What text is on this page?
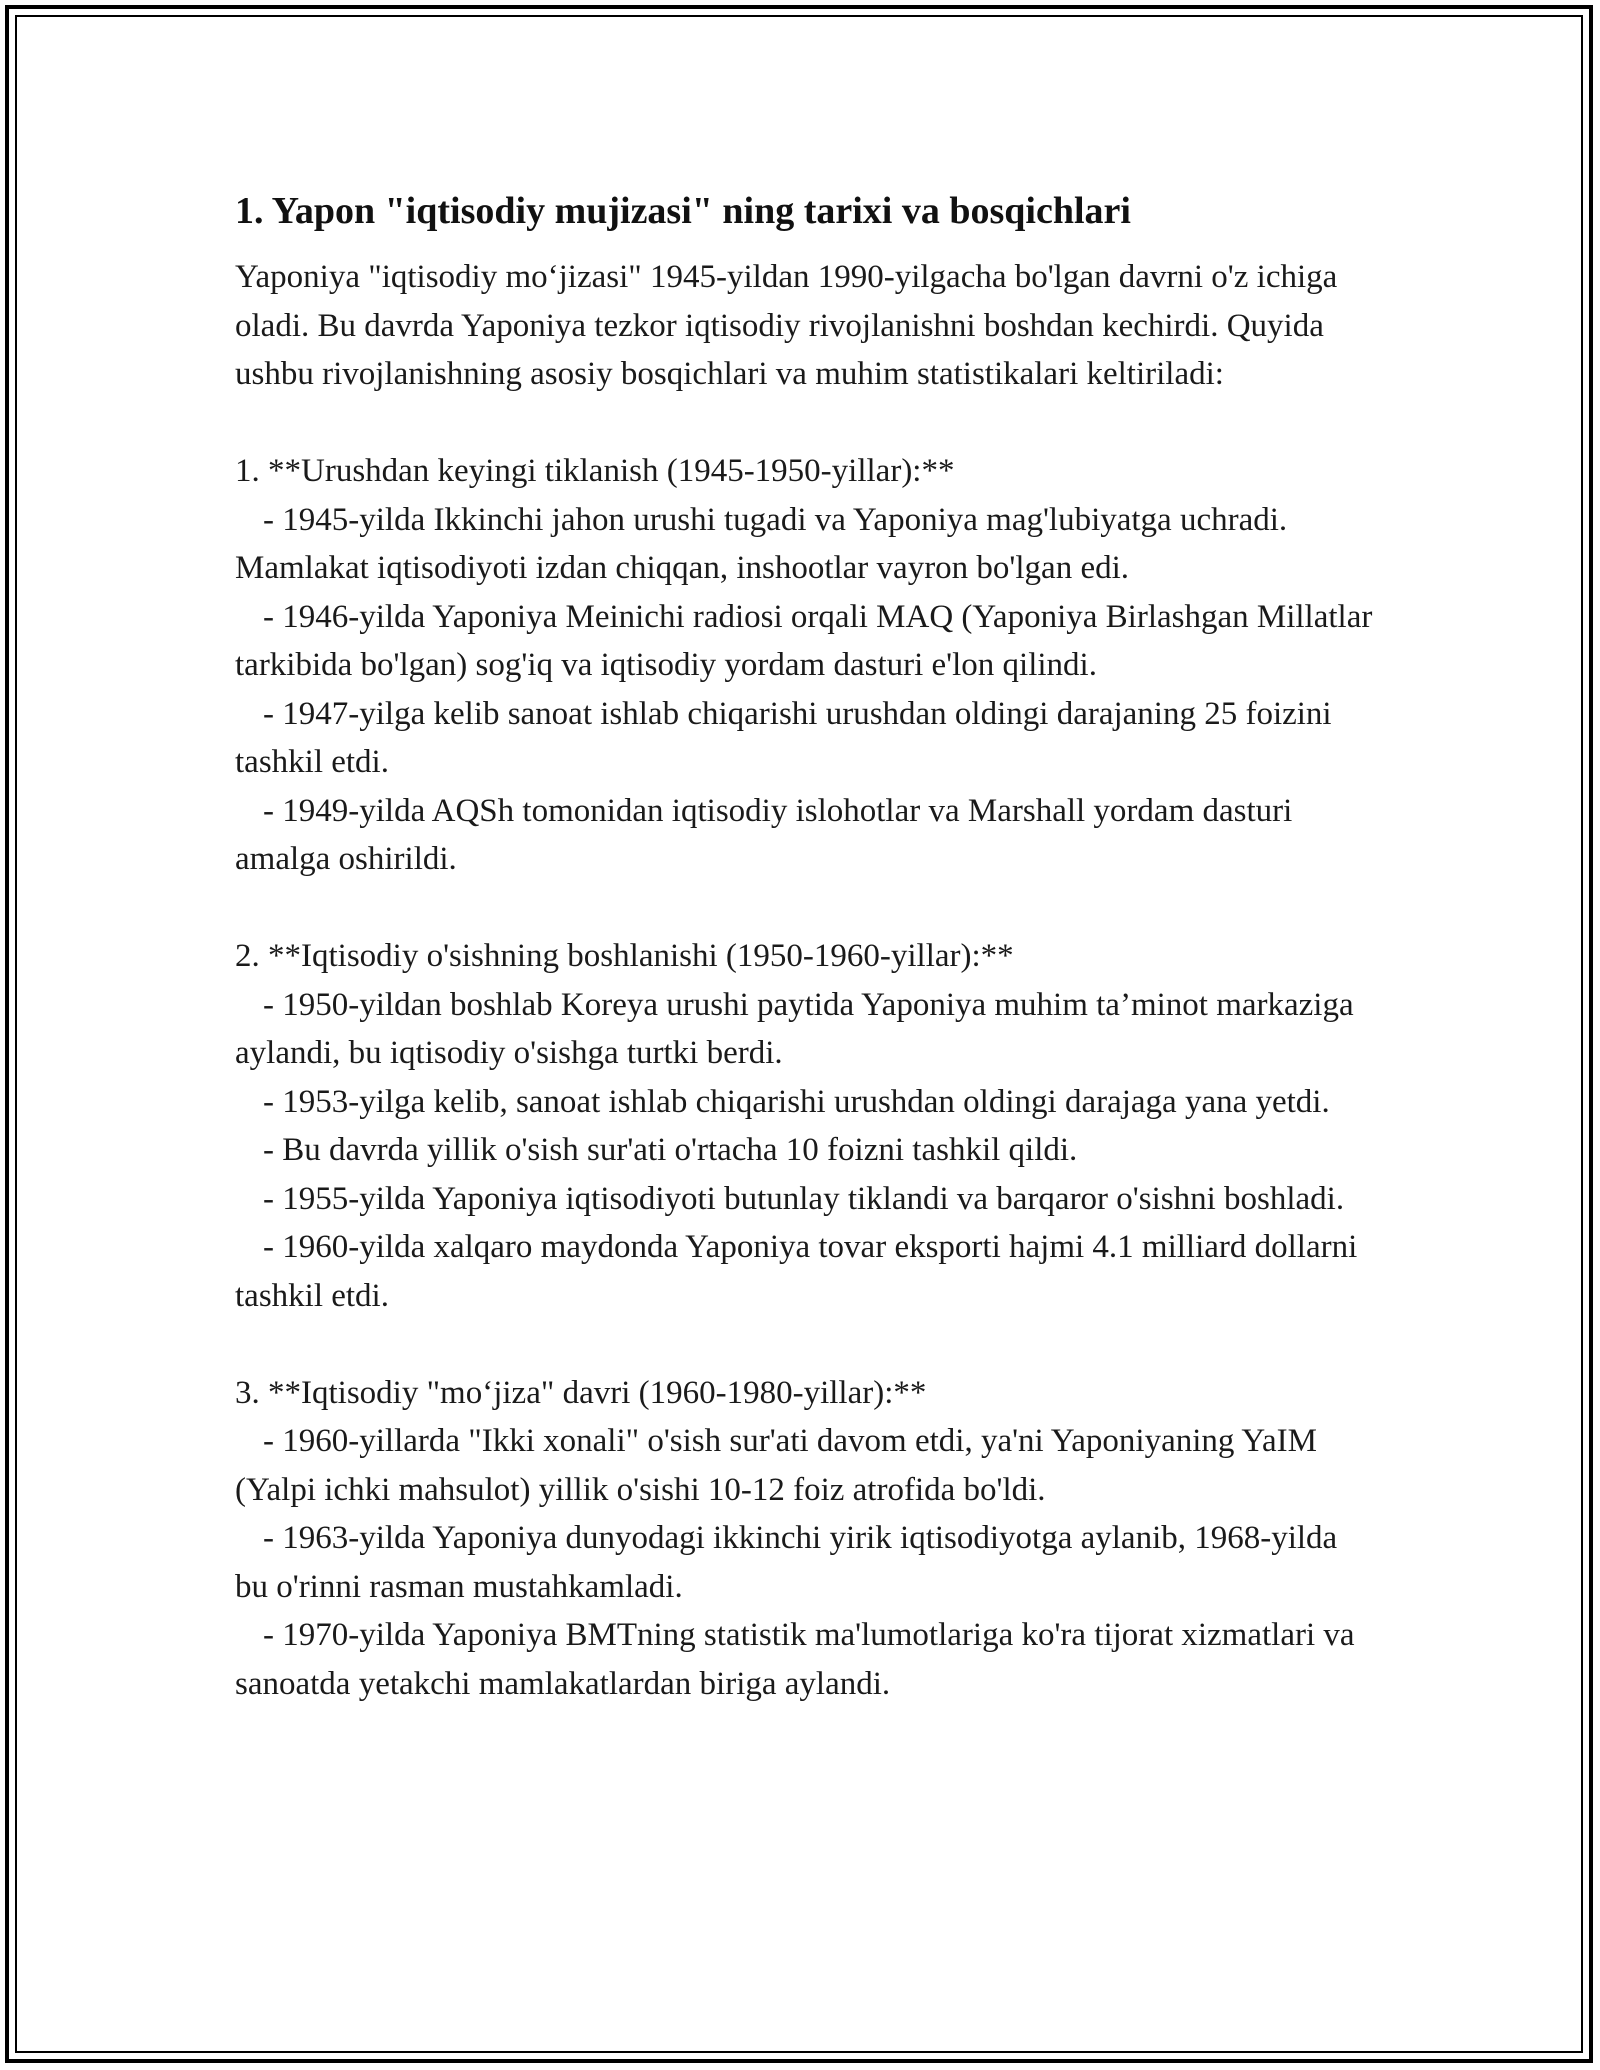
1. Yapon "iqtisodiy mujizasi" ning tarixi va bosqichlari

Yaponiya "iqtisodiy mo‘jizasi" 1945-yildan 1990-yilgacha bo'lgan davrni o'z ichiga oladi. Bu davrda Yaponiya tezkor iqtisodiy rivojlanishni boshdan kechirdi. Quyida ushbu rivojlanishning asosiy bosqichlari va muhim statistikalari keltiriladi:

1. **Urushdan keyingi tiklanish (1945-1950-yillar):**

- 1945-yilda Ikkinchi jahon urushi tugadi va Yaponiya mag'lubiyatga uchradi. Mamlakat iqtisodiyoti izdan chiqqan, inshootlar vayron bo'lgan edi.

- 1946-yilda Yaponiya Meinichi radiosi orqali MAQ (Yaponiya Birlashgan Millatlar tarkibida bo'lgan) sog'iq va iqtisodiy yordam dasturi e'lon qilindi.

- 1947-yilga kelib sanoat ishlab chiqarishi urushdan oldingi darajaning 25 foizini tashkil etdi.

- 1949-yilda AQSh tomonidan iqtisodiy islohotlar va Marshall yordam dasturi amalga oshirildi.

2. **Iqtisodiy o'sishning boshlanishi (1950-1960-yillar):**

- 1950-yildan boshlab Koreya urushi paytida Yaponiya muhim ta’minot markaziga aylandi, bu iqtisodiy o'sishga turtki berdi.

- 1953-yilga kelib, sanoat ishlab chiqarishi urushdan oldingi darajaga yana yetdi.

- Bu davrda yillik o'sish sur'ati o'rtacha 10 foizni tashkil qildi.

- 1955-yilda Yaponiya iqtisodiyoti butunlay tiklandi va barqaror o'sishni boshladi.

- 1960-yilda xalqaro maydonda Yaponiya tovar eksporti hajmi 4.1 milliard dollarni tashkil etdi.

3. **Iqtisodiy "mo‘jiza" davri (1960-1980-yillar):**

- 1960-yillarda "Ikki xonali" o'sish sur'ati davom etdi, ya'ni Yaponiyaning YaIM (Yalpi ichki mahsulot) yillik o'sishi 10-12 foiz atrofida bo'ldi.

- 1963-yilda Yaponiya dunyodagi ikkinchi yirik iqtisodiyotga aylanib, 1968-yilda bu o'rinni rasman mustahkamladi.

- 1970-yilda Yaponiya BMTning statistik ma'lumotlariga ko'ra tijorat xizmatlari va sanoatda yetakchi mamlakatlardan biriga aylandi.
